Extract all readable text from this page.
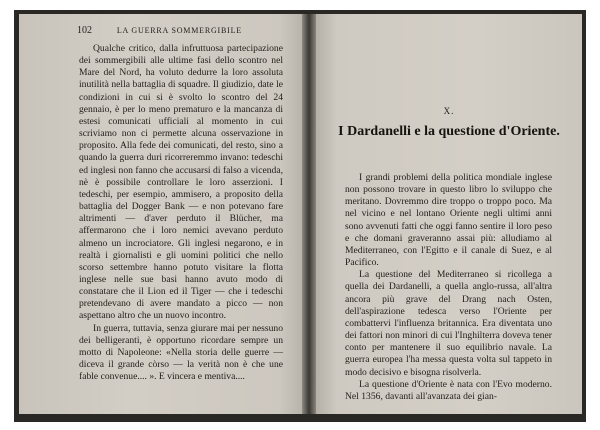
102	LA GUERRA SOMMERGIBILE

Qualche critico, dalla infruttuosa partecipazione dei sommergibili alle ultime fasi dello scontro nel Mare del Nord, ha voluto dedurre la loro assoluta inutilità nella battaglia di squadre. Il giudizio, date le condizioni in cui si è svolto lo scontro del 24 gennaio, è per lo meno prematuro e la mancanza di estesi comunicati ufficiali al momento in cui scriviamo non ci permette alcuna osservazione in proposito. Alla fede dei comunicati, del resto, sino a quando la guerra duri ricorreremmo invano: tedeschi ed inglesi non fanno che accusarsi di falso a vicenda, nè è possibile controllare le loro asserzioni. I tedeschi, per esempio, ammisero, a proposito della battaglia del Dogger Bank — e non potevano fare altrimenti — d'aver perduto il Blücher, ma affermarono che i loro nemici avevano perduto almeno un incrociatore. Gli inglesi negarono, e in realtà i giornalisti e gli uomini politici che nello scorso settembre hanno potuto visitare la flotta inglese nelle sue basi hanno avuto modo di constatare che il Lion ed il Tiger — che i tedeschi pretendevano di avere mandato a picco — non aspettano altro che un nuovo incontro.

In guerra, tuttavia, senza giurare mai per nessuno dei belligeranti, è opportuno ricordare sempre un motto di Napoleone: «Nella storia delle guerre — diceva il grande còrso — la verità non è che une fable convenue.... ». E vincera e mentiva....

X.
I Dardanelli e la questione d'Oriente.

I grandi problemi della politica mondiale inglese non possono trovare in questo libro lo sviluppo che meritano. Dovremmo dire troppo o troppo poco. Ma nel vicino e nel lontano Oriente negli ultimi anni sono avvenuti fatti che oggi fanno sentire il loro peso e che domani graveranno assai più: alludiamo al Mediterraneo, con l'Egitto e il canale di Suez, e al Pacifico.

La questione del Mediterraneo si ricollega a quella dei Dardanelli, a quella anglo-russa, all'altra ancora più grave del Drang nach Osten, dell'aspirazione tedesca verso l'Oriente per combattervi l'influenza britannica. Era diventata uno dei fattori non minori di cui l'Inghilterra doveva tener conto per mantenere il suo equilibrio navale. La guerra europea l'ha messa questa volta sul tappeto in modo decisivo e bisogna risolverla.

La questione d'Oriente è nata con l'Evo moderno. Nel 1356, davanti all'avanzata dei gian-
